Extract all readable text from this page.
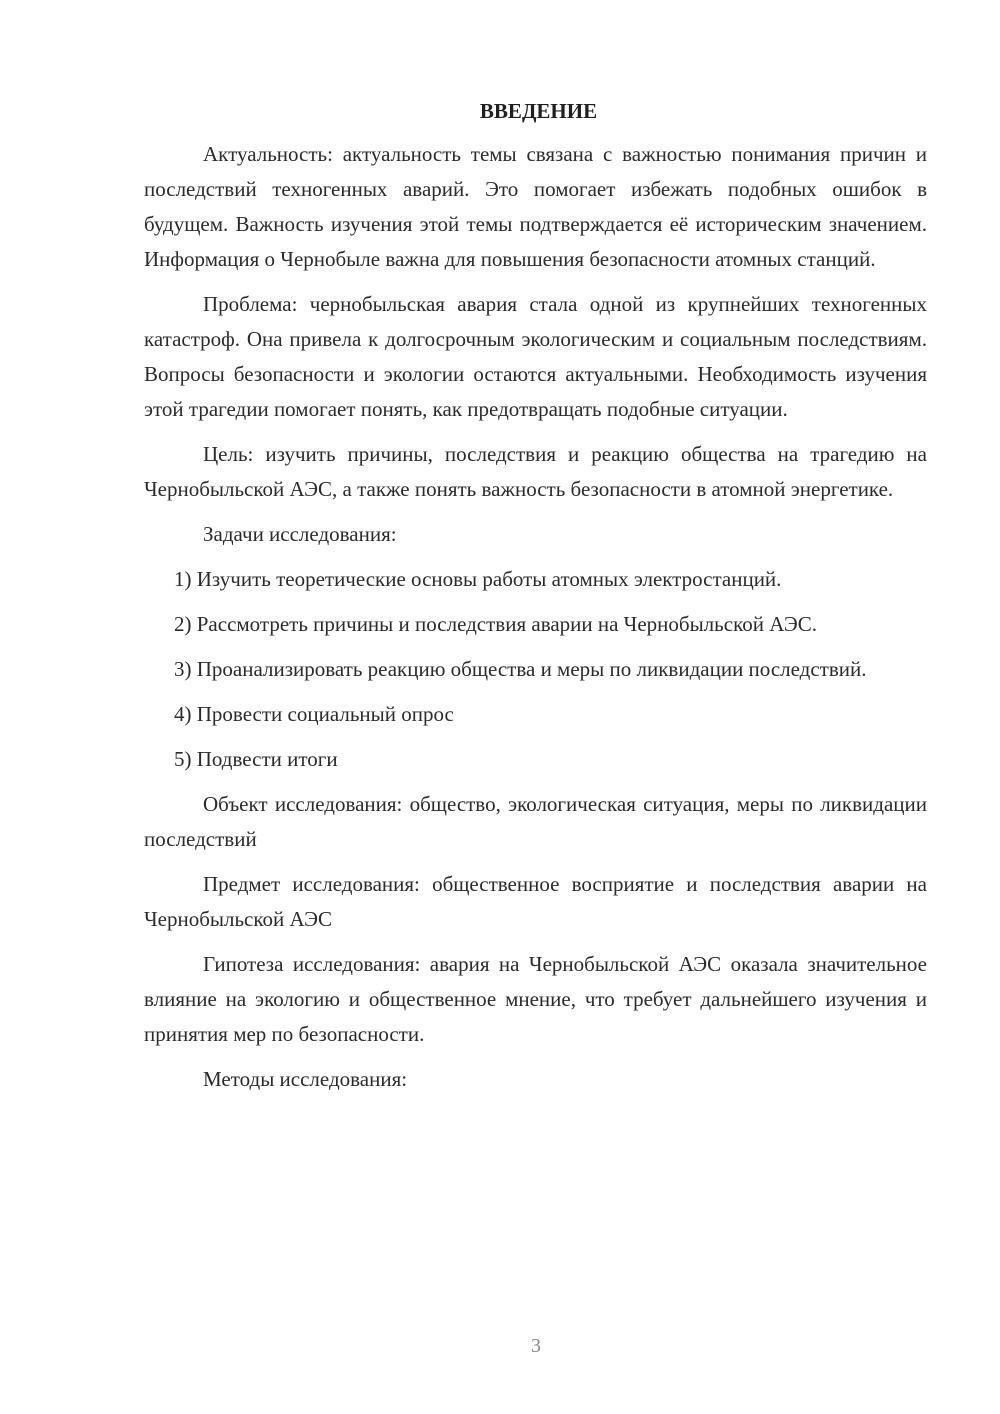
ВВЕДЕНИЕ

Актуальность: актуальность темы связана с важностью понимания причин и последствий техногенных аварий. Это помогает избежать подобных ошибок в будущем. Важность изучения этой темы подтверждается её историческим значением. Информация о Чернобыле важна для повышения безопасности атомных станций.

Проблема: чернобыльская авария стала одной из крупнейших техногенных катастроф. Она привела к долгосрочным экологическим и социальным последствиям. Вопросы безопасности и экологии остаются актуальными. Необходимость изучения этой трагедии помогает понять, как предотвращать подобные ситуации.

Цель: изучить причины, последствия и реакцию общества на трагедию на Чернобыльской АЭС, а также понять важность безопасности в атомной энергетике.

Задачи исследования:

1) Изучить теоретические основы работы атомных электростанций.

2) Рассмотреть причины и последствия аварии на Чернобыльской АЭС.

3) Проанализировать реакцию общества и меры по ликвидации последствий.

4) Провести социальный опрос

5) Подвести итоги

Объект исследования: общество, экологическая ситуация, меры по ликвидации последствий

Предмет исследования: общественное восприятие и последствия аварии на Чернобыльской АЭС

Гипотеза исследования: авария на Чернобыльской АЭС оказала значительное влияние на экологию и общественное мнение, что требует дальнейшего изучения и принятия мер по безопасности.

Методы исследования:

3
